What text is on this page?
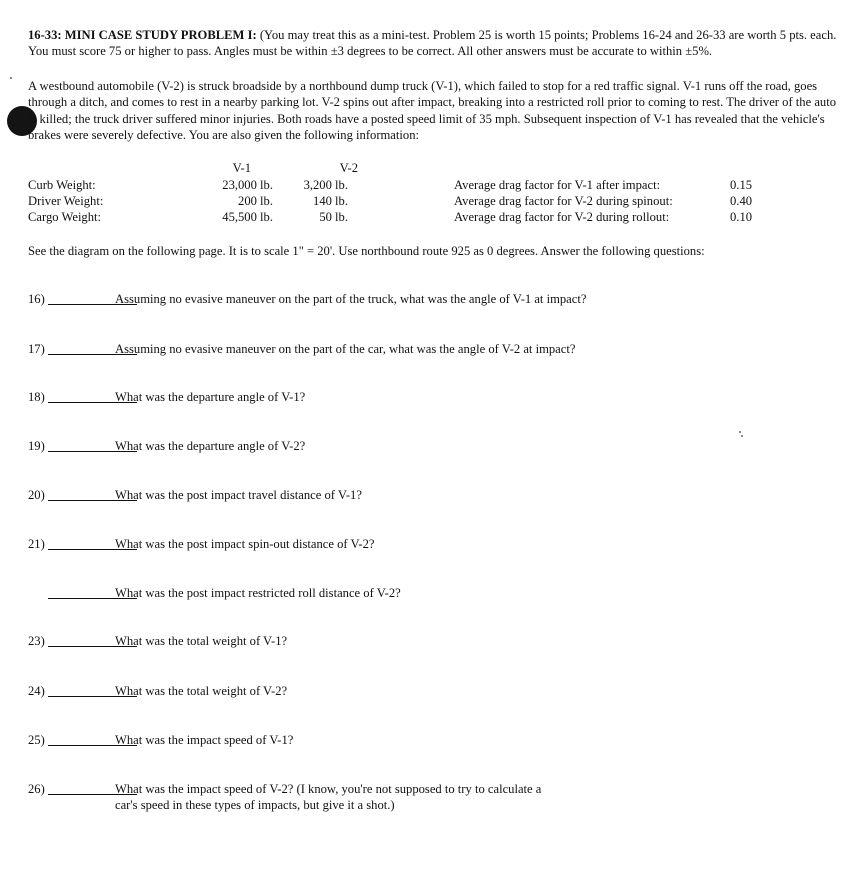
16-33: MINI CASE STUDY PROBLEM I: (You may treat this as a mini-test. Problem 25 is worth 15 points; Problems 16-24 and 26-33 are worth 5 pts. each. You must score 75 or higher to pass. Angles must be within ±3 degrees to be correct. All other answers must be accurate to within ±5%.
A westbound automobile (V-2) is struck broadside by a northbound dump truck (V-1), which failed to stop for a red traffic signal. V-1 runs off the road, goes through a ditch, and comes to rest in a nearby parking lot. V-2 spins out after impact, breaking into a restricted roll prior to coming to rest. The driver of the auto is killed; the truck driver suffered minor injuries. Both roads have a posted speed limit of 35 mph. Subsequent inspection of V-1 has revealed that the vehicle's brakes were severely defective. You are also given the following information:
V-1	V-2
Curb Weight:	23,000 lb. 3,200 lb.	Average drag factor for V-1 after impact:	0.15
Driver Weight:	200 lb.	140 lb.	Average drag factor for V-2 during spinout:	0.40
Cargo Weight:	45,500 lb.	50 lb.	Average drag factor for V-2 during rollout:	0.10
See the diagram on the following page. It is to scale 1" = 20'. Use northbound route 925 as 0 degrees. Answer the following questions:
16)	Assuming no evasive maneuver on the part of the truck, what was the angle of V-1 at impact?
17)	Assuming no evasive maneuver on the part of the car, what was the angle of V-2 at impact?
18)	What was the departure angle of V-1?
19)	What was the departure angle of V-2?
20)	What was the post impact travel distance of V-1?
21)	What was the post impact spin-out distance of V-2?
What was the post impact restricted roll distance of V-2?
23)	What was the total weight of V-1?
24)	What was the total weight of V-2?
25)	What was the impact speed of V-1?
26)	What was the impact speed of V-2? (I know, you're not supposed to try to calculate a car's speed in these types of impacts, but give it a shot.)
